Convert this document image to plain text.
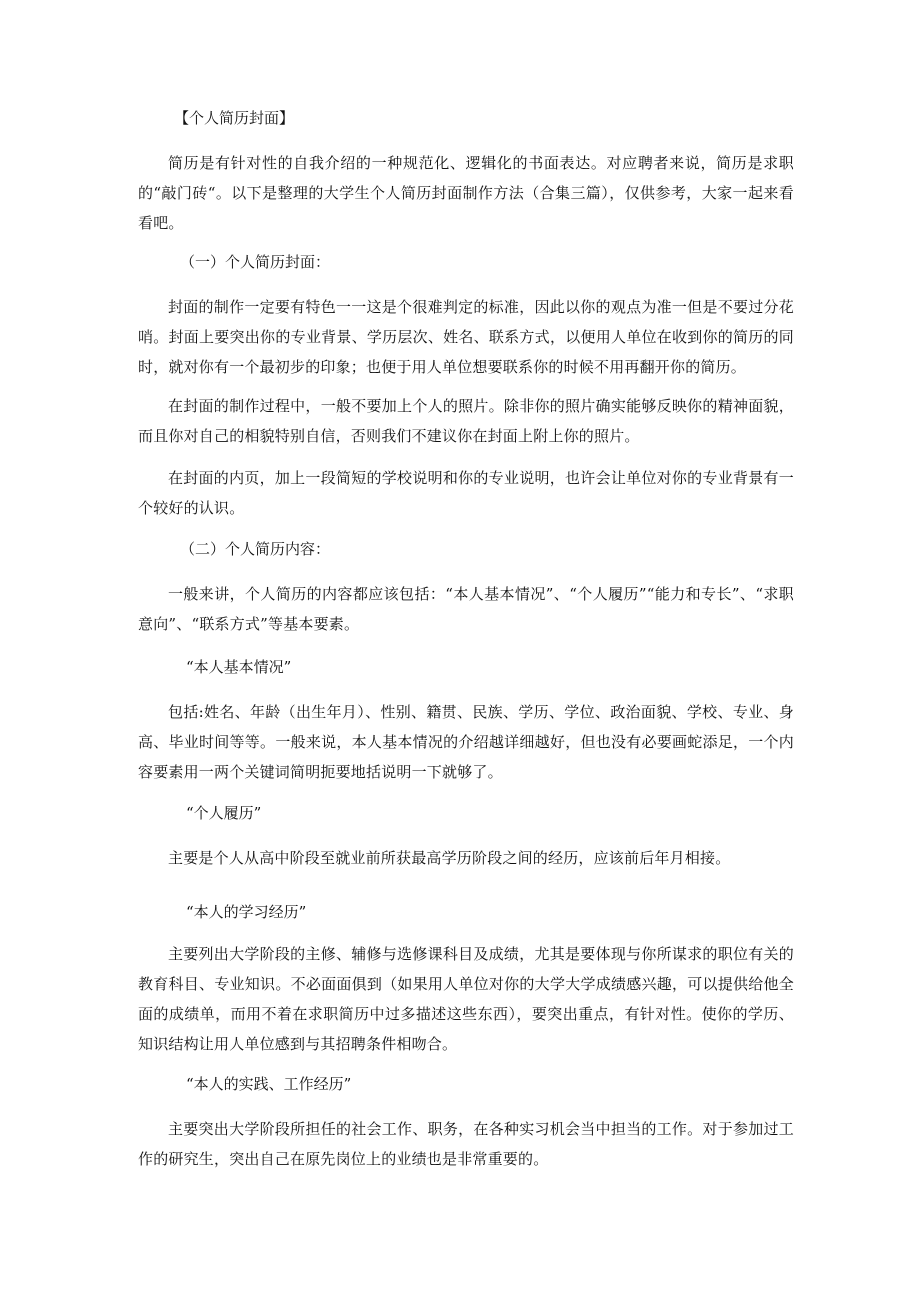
【个人简历封面】

简历是有针对性的自我介绍的一种规范化、逻辑化的书面表达。对应聘者来说，简历是求职的“敲门砖“。以下是整理的大学生个人简历封面制作方法（合集三篇），仅供参考，大家一起来看看吧。

（一）个人简历封面：

封面的制作一定要有特色一一这是个很难判定的标准，因此以你的观点为准一但是不要过分花哨。封面上要突出你的专业背景、学历层次、姓名、联系方式，以便用人单位在收到你的简历的同时，就对你有一个最初步的印象；也便于用人单位想要联系你的时候不用再翻开你的简历。

在封面的制作过程中，一般不要加上个人的照片。除非你的照片确实能够反映你的精神面貌，而且你对自己的相貌特别自信，否则我们不建议你在封面上附上你的照片。

在封面的内页，加上一段简短的学校说明和你的专业说明，也许会让单位对你的专业背景有一个较好的认识。

（二）个人简历内容：

一般来讲，个人简历的内容都应该包括：“本人基本情况”、“个人履历”“能力和专长”、“求职意向”、“联系方式”等基本要素。

“本人基本情况”

包括:姓名、年龄（出生年月）、性别、籍贯、民族、学历、学位、政治面貌、学校、专业、身高、毕业时间等等。一般来说，本人基本情况的介绍越详细越好，但也没有必要画蛇添足，一个内容要素用一两个关键词简明扼要地括说明一下就够了。

“个人履历”

主要是个人从高中阶段至就业前所获最高学历阶段之间的经历，应该前后年月相接。

“本人的学习经历”

主要列出大学阶段的主修、辅修与选修课科目及成绩，尤其是要体现与你所谋求的职位有关的教育科目、专业知识。不必面面俱到（如果用人单位对你的大学大学成绩感兴趣，可以提供给他全面的成绩单，而用不着在求职简历中过多描述这些东西），要突出重点，有针对性。使你的学历、知识结构让用人单位感到与其招聘条件相吻合。

“本人的实践、工作经历”

主要突出大学阶段所担任的社会工作、职务，在各种实习机会当中担当的工作。对于参加过工作的研究生，突出自己在原先岗位上的业绩也是非常重要的。
